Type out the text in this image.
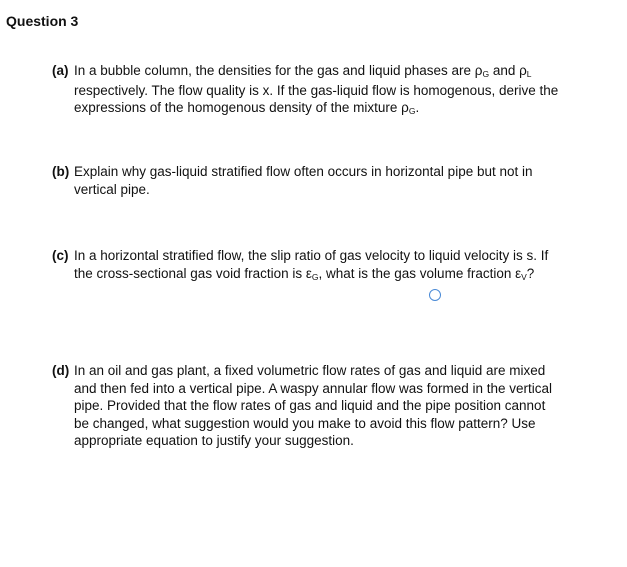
Question 3
(a) In a bubble column, the densities for the gas and liquid phases are ρG and ρL
respectively. The flow quality is x. If the gas-liquid flow is homogenous, derive the
expressions of the homogenous density of the mixture ρG.
(b) Explain why gas-liquid stratified flow often occurs in horizontal pipe but not in
vertical pipe.
(c) In a horizontal stratified flow, the slip ratio of gas velocity to liquid velocity is s. If
the cross-sectional gas void fraction is εG, what is the gas volume fraction εV?
(d) In an oil and gas plant, a fixed volumetric flow rates of gas and liquid are mixed
and then fed into a vertical pipe. A waspy annular flow was formed in the vertical
pipe. Provided that the flow rates of gas and liquid and the pipe position cannot
be changed, what suggestion would you make to avoid this flow pattern? Use
appropriate equation to justify your suggestion.
